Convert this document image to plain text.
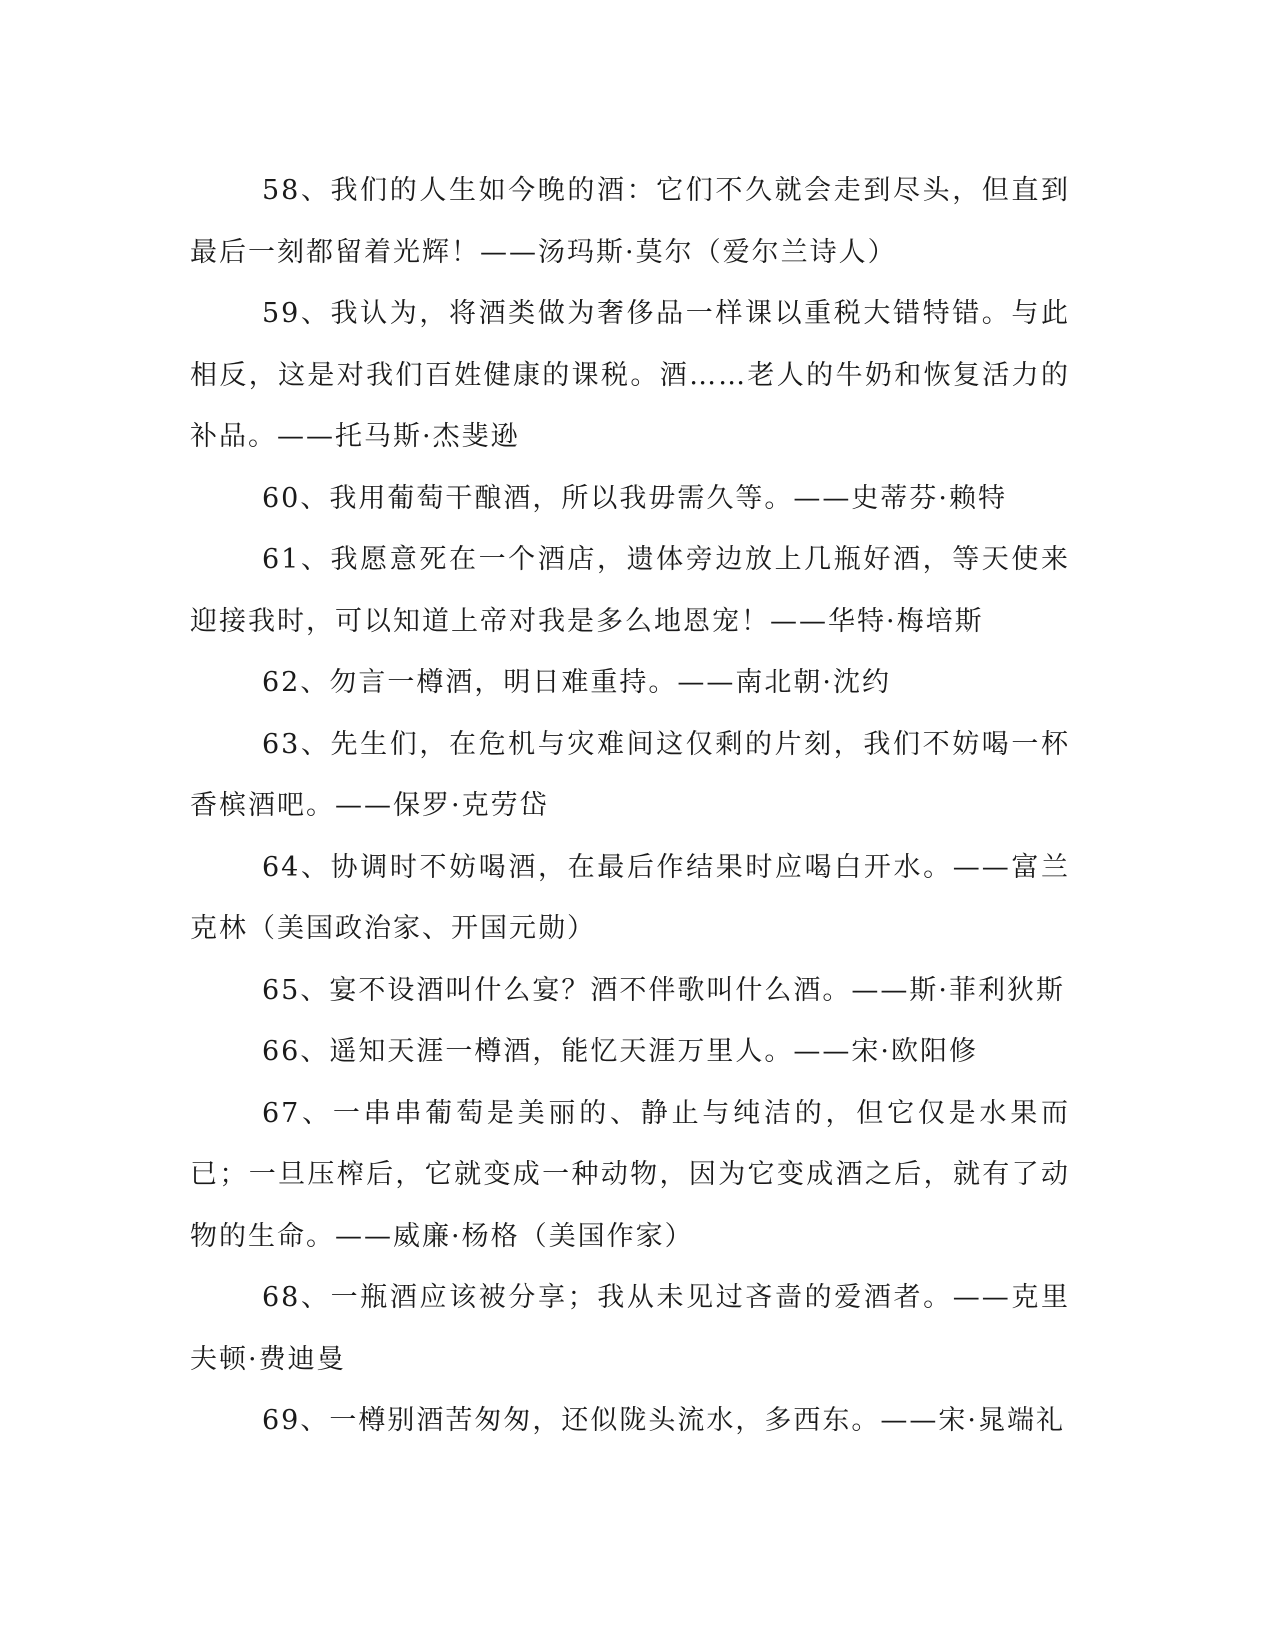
58、我们的人生如今晚的酒：它们不久就会走到尽头，但直到最后一刻都留着光辉！——汤玛斯·莫尔（爱尔兰诗人）

59、我认为，将酒类做为奢侈品一样课以重税大错特错。与此相反，这是对我们百姓健康的课税。酒……老人的牛奶和恢复活力的补品。——托马斯·杰斐逊

60、我用葡萄干酿酒，所以我毋需久等。——史蒂芬·赖特

61、我愿意死在一个酒店，遗体旁边放上几瓶好酒，等天使来迎接我时，可以知道上帝对我是多么地恩宠！——华特·梅培斯

62、勿言一樽酒，明日难重持。——南北朝·沈约

63、先生们，在危机与灾难间这仅剩的片刻，我们不妨喝一杯香槟酒吧。——保罗·克劳岱

64、协调时不妨喝酒，在最后作结果时应喝白开水。——富兰克林（美国政治家、开国元勋）

65、宴不设酒叫什么宴？酒不伴歌叫什么酒。——斯·菲利狄斯

66、遥知天涯一樽酒，能忆天涯万里人。——宋·欧阳修

67、一串串葡萄是美丽的、静止与纯洁的，但它仅是水果而已；一旦压榨后，它就变成一种动物，因为它变成酒之后，就有了动物的生命。——威廉·杨格（美国作家）

68、一瓶酒应该被分享；我从未见过吝啬的爱酒者。——克里夫顿·费迪曼

69、一樽别酒苦匆匆，还似陇头流水，多西东。——宋·晁端礼
